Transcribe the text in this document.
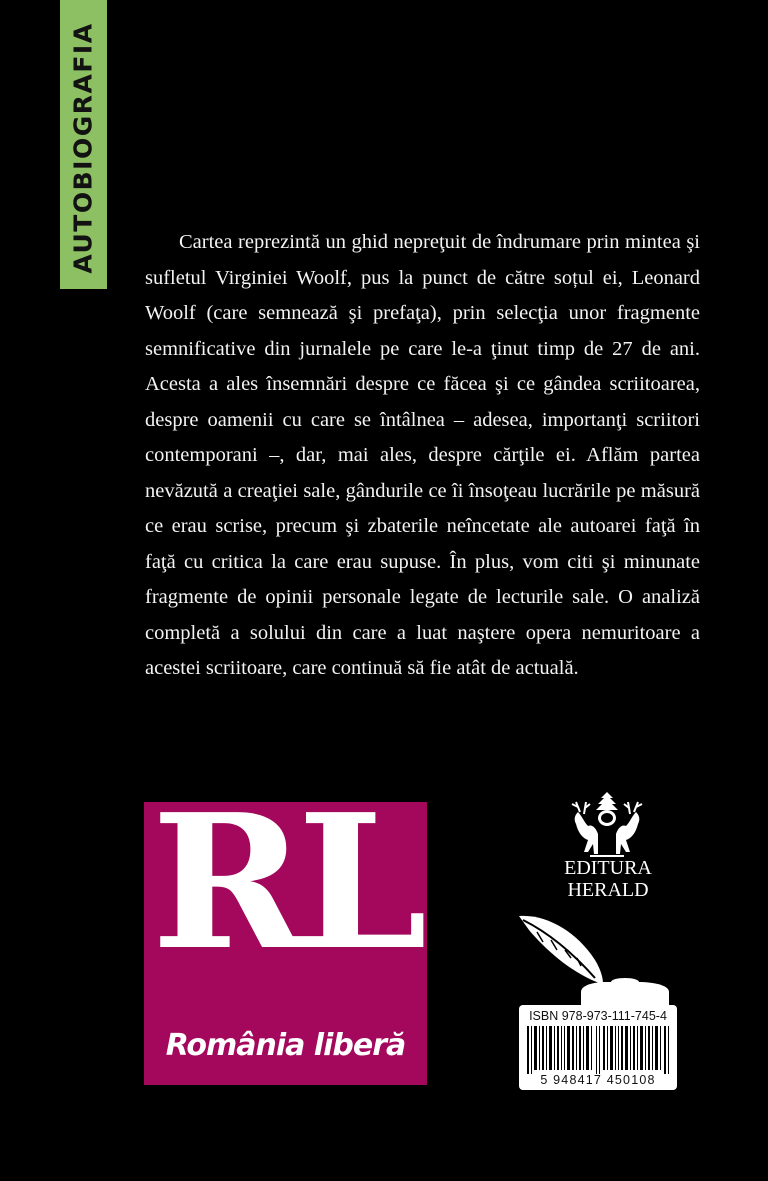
AUTOBIOGRAFIA	Cartea reprezintă un ghid nepreţuit de îndrumare prin mintea şi sufletul Virginiei Woolf, pus la punct de către soțul ei, Leonard Woolf (care semnează şi prefaţa), prin selecţia unor fragmente semnificative din jurnalele pe care le-a ţinut timp de 27 de ani. Acesta a ales însemnări despre ce făcea şi ce gândea scriitoarea, despre oamenii cu care se întâlnea – adesea, importanţi scriitori contemporani –, dar, mai ales, despre cărţile ei. Aflăm partea nevăzută a creaţiei sale, gândurile ce îi însoţeau lucrările pe măsură ce erau scrise, precum şi zbaterile neîncetate ale autoarei faţă în faţă cu critica la care erau supuse. În plus, vom citi şi minunate fragmente de opinii personale legate de lecturile sale. O analiză completă a solului din care a luat naştere opera nemuritoare a acestei scriitoare, care continuă să fie atât de actuală.

RL
România liberă
EDITURA
HERALD
ISBN 978-973-111-745-4
5 948417 450108
